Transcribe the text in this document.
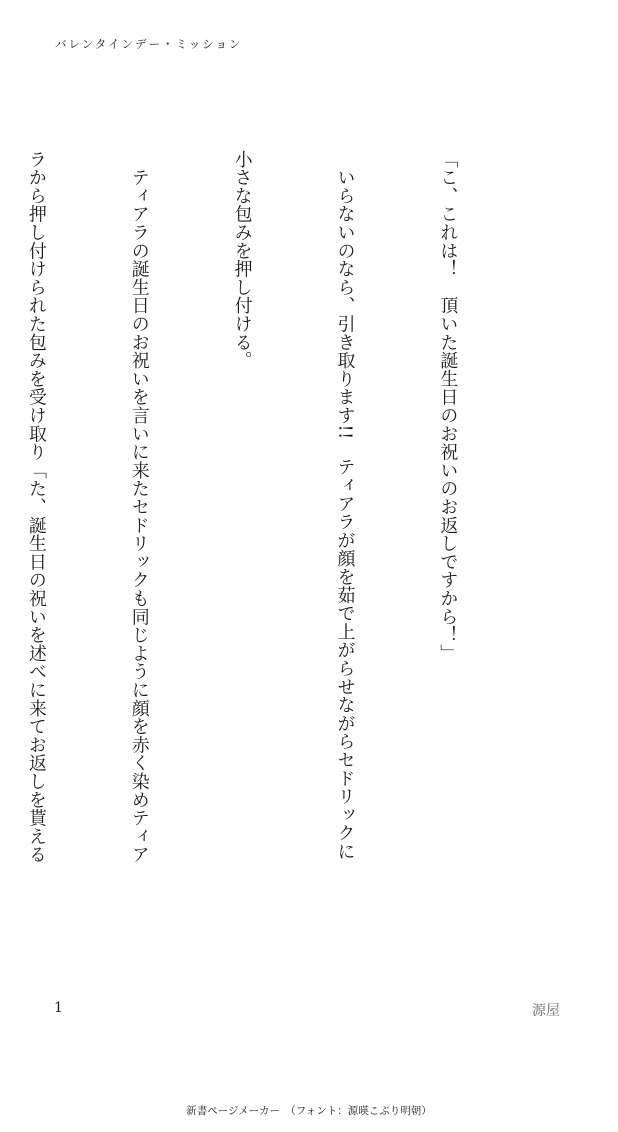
バレンタインデー・ミッション

「こ、これは！　頂いた誕生日のお祝いのお返しですから！」

　いらないのなら、引き取ります!!　ティアラが顔を茹で上がらせながらセドリックに

小さな包みを押し付ける。

　ティアラの誕生日のお祝いを言いに来たセドリックも同じように顔を赤く染めティア

ラから押し付けられた包みを受け取り「た、誕生日の祝いを述べに来てお返しを貰える

1	源屋
新書ページメーカー　（フォント：源暎こぶり明朝）
